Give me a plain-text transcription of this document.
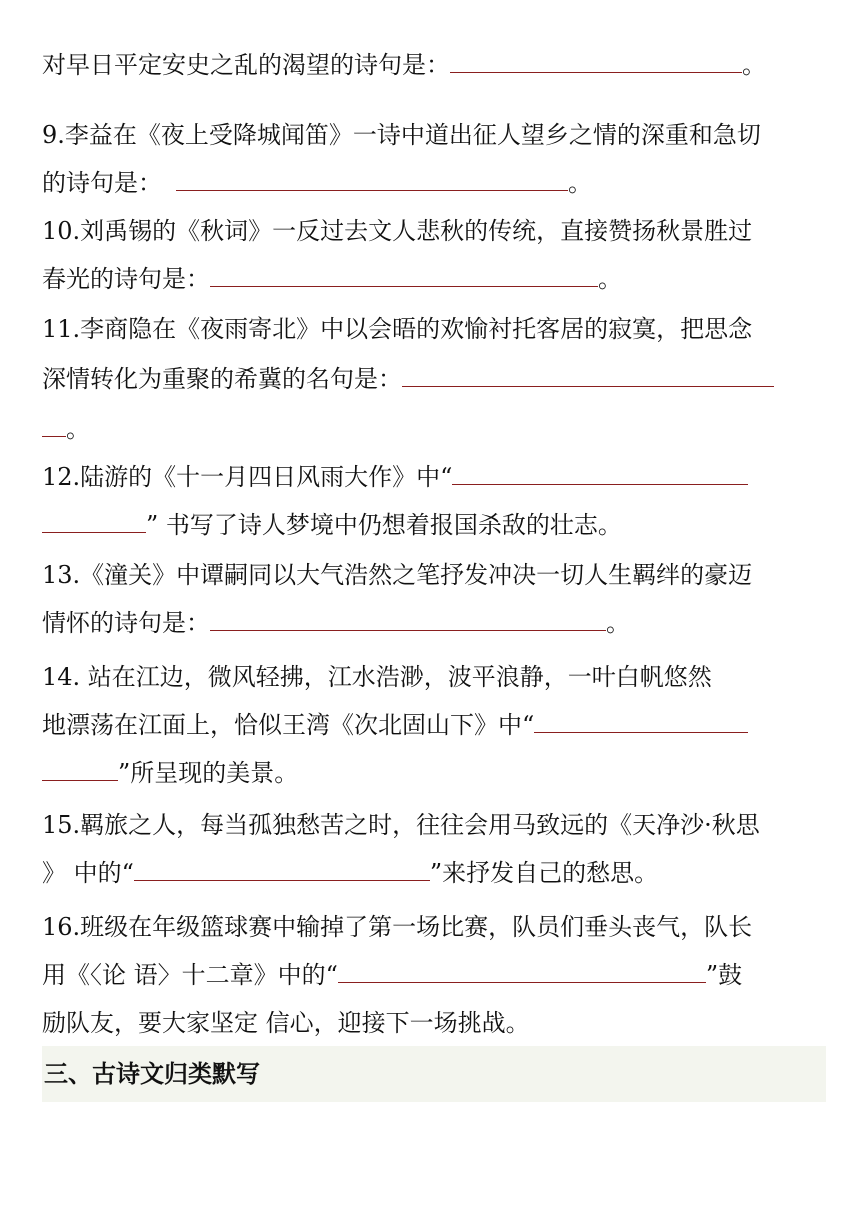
对早日平定安史之乱的渴望的诗句是：	。
9.李益在《夜上受降城闻笛》一诗中道出征人望乡之情的深重和急切
的诗句是：	。
10.刘禹锡的《秋词》一反过去文人悲秋的传统，直接赞扬秋景胜过
春光的诗句是：	。
11.李商隐在《夜雨寄北》中以会晤的欢愉衬托客居的寂寞，把思念
深情转化为重聚的希冀的名句是：
。
12.陆游的《十一月四日风雨大作》中“
” 书写了诗人梦境中仍想着报国杀敌的壮志。
13.《潼关》中谭嗣同以大气浩然之笔抒发冲决一切人生羁绊的豪迈
情怀的诗句是：	。
14. 站在江边，微风轻拂，江水浩渺，波平浪静，一叶白帆悠然
地漂荡在江面上，恰似王湾《次北固山下》中“
”所呈现的美景。
15.羁旅之人，每当孤独愁苦之时，往往会用马致远的《天净沙·秋思
》 中的“	”来抒发自己的愁思。
16.班级在年级篮球赛中输掉了第一场比赛，队员们垂头丧气，队长
用《〈论 语〉十二章》中的“	”鼓
励队友，要大家坚定 信心，迎接下一场挑战。
三、古诗文归类默写
